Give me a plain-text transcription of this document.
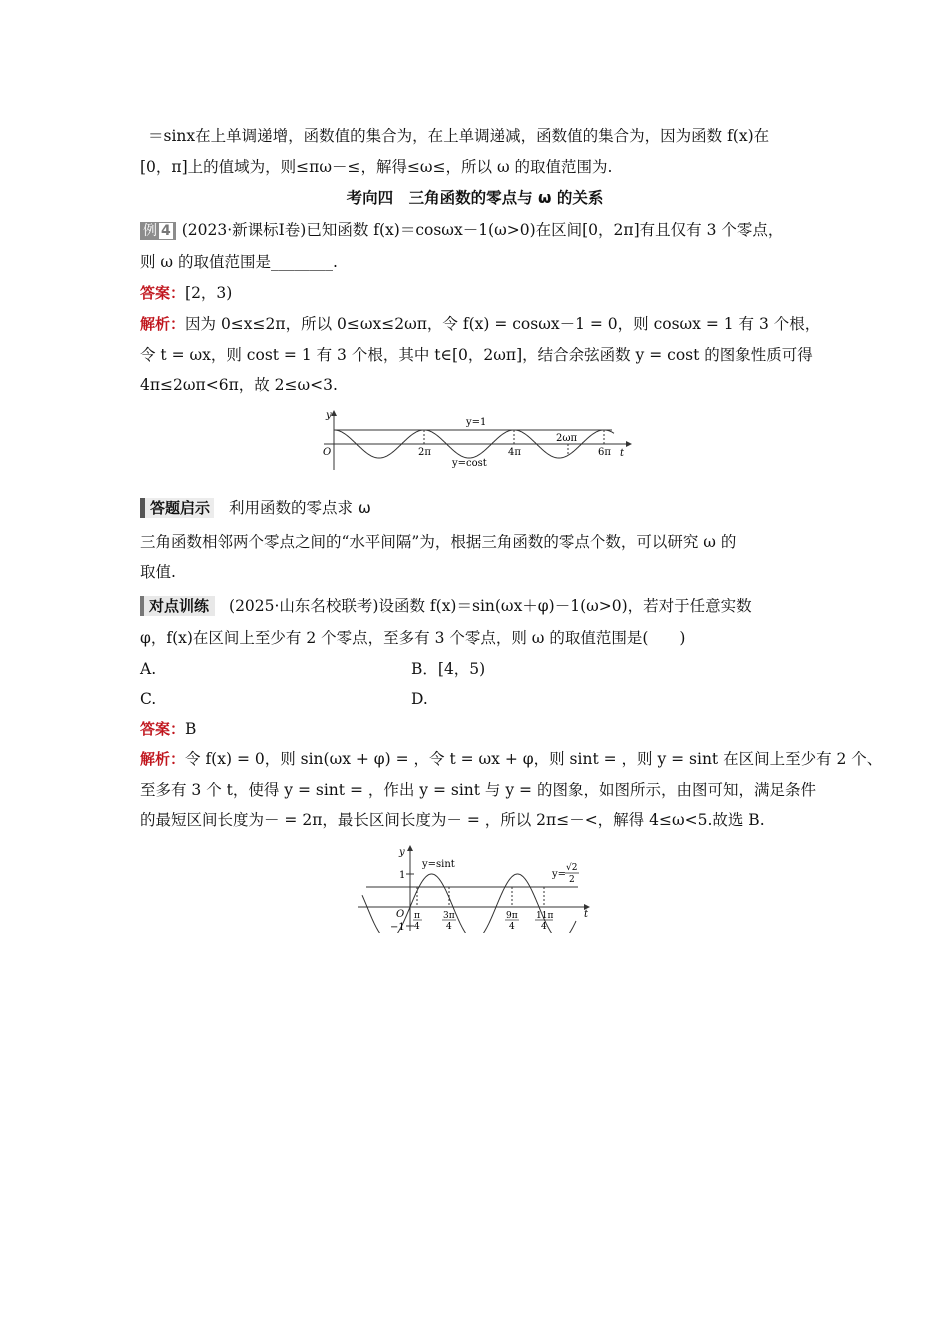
＝sinx在上单调递增，函数值的集合为，在上单调递减，函数值的集合为，因为函数 f(x)在
[0，π]上的值域为，则≤πω－≤，解得≤ω≤，所以 ω 的取值范围为.
考向四　三角函数的零点与 ω 的关系
例 4 (2023·新课标Ⅰ卷)已知函数 f(x)＝cosωx－1(ω>0)在区间[0，2π]有且仅有 3 个零点，
则 ω 的取值范围是________.
答案：[2，3)
解析：因为 0≤x≤2π，所以 0≤ωx≤2ωπ，令 f(x) = cosωx－1 = 0，则 cosωx = 1 有 3 个根，
令 t = ωx，则 cost = 1 有 3 个根，其中 t∈[0，2ωπ]，结合余弦函数 y = cost 的图象性质可得
4π≤2ωπ<6π，故 2≤ω<3.
y
t
O
y=1
y=cost
2π	4π	6π
2ωπ
答题启示 利用函数的零点求 ω
三角函数相邻两个零点之间的“水平间隔”为，根据三角函数的零点个数，可以研究 ω 的
取值.
对点训练 (2025·山东名校联考)设函数 f(x)＝sin(ωx＋φ)－1(ω>0)，若对于任意实数
φ，f(x)在区间上至少有 2 个零点，至多有 3 个零点，则 ω 的取值范围是(　　)
A.	B．[4，5)
C.	D.
答案：B
解析：令 f(x) = 0，则 sin(ωx + φ) = ，令 t = ωx + φ，则 sint = ，则 y = sint 在区间上至少有 2 个、
至多有 3 个 t，使得 y = sint = ，作出 y = sint 与 y = 的图象，如图所示，由图可知，满足条件
的最短区间长度为－ = 2π，最长区间长度为－ = ，所以 2π≤－<，解得 4≤ω<5.故选 B.
y
t
O
1
−1
y=sint
y=
√2
2
π
4
3π
4
9π
4
11π
4
